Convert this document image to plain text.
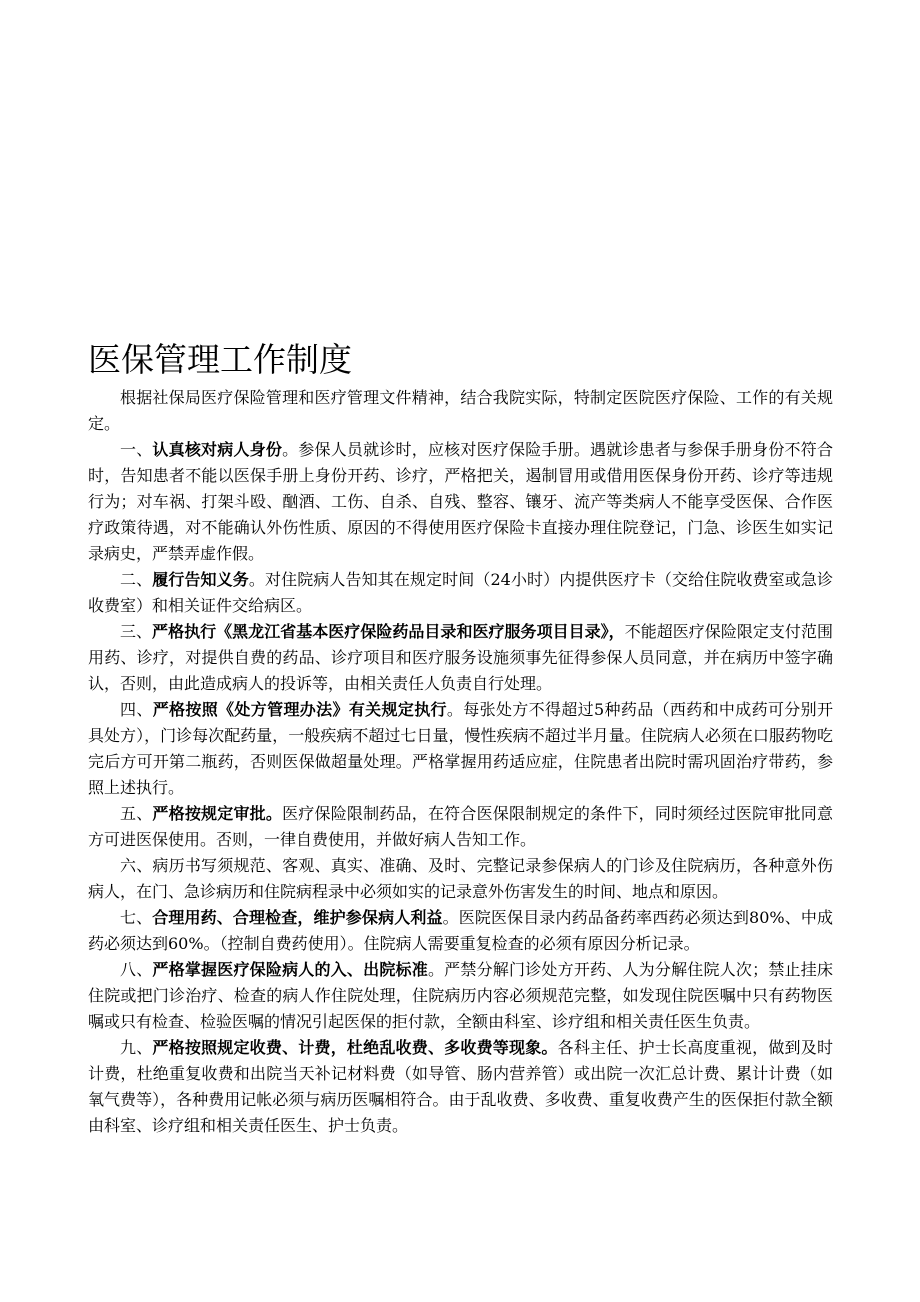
医保管理工作制度

根据社保局医疗保险管理和医疗管理文件精神，结合我院实际，特制定医院医疗保险、工作的有关规定。

一、认真核对病人身份。参保人员就诊时，应核对医疗保险手册。遇就诊患者与参保手册身份不符合时，告知患者不能以医保手册上身份开药、诊疗，严格把关，遏制冒用或借用医保身份开药、诊疗等违规行为；对车祸、打架斗殴、酗酒、工伤、自杀、自残、整容、镶牙、流产等类病人不能享受医保、合作医疗政策待遇，对不能确认外伤性质、原因的不得使用医疗保险卡直接办理住院登记，门急、诊医生如实记录病史，严禁弄虚作假。

二、履行告知义务。对住院病人告知其在规定时间（24小时）内提供医疗卡（交给住院收费室或急诊收费室）和相关证件交给病区。

三、严格执行《黑龙江省基本医疗保险药品目录和医疗服务项目目录》，不能超医疗保险限定支付范围用药、诊疗，对提供自费的药品、诊疗项目和医疗服务设施须事先征得参保人员同意，并在病历中签字确认，否则，由此造成病人的投诉等，由相关责任人负责自行处理。

四、严格按照《处方管理办法》有关规定执行。每张处方不得超过5种药品（西药和中成药可分别开具处方），门诊每次配药量，一般疾病不超过七日量，慢性疾病不超过半月量。住院病人必须在口服药物吃完后方可开第二瓶药，否则医保做超量处理。严格掌握用药适应症，住院患者出院时需巩固治疗带药，参照上述执行。

五、严格按规定审批。医疗保险限制药品，在符合医保限制规定的条件下，同时须经过医院审批同意方可进医保使用。否则，一律自费使用，并做好病人告知工作。

六、病历书写须规范、客观、真实、准确、及时、完整记录参保病人的门诊及住院病历，各种意外伤病人，在门、急诊病历和住院病程录中必须如实的记录意外伤害发生的时间、地点和原因。

七、合理用药、合理检查，维护参保病人利益。医院医保目录内药品备药率西药必须达到80%、中成药必须达到60%。（控制自费药使用）。住院病人需要重复检查的必须有原因分析记录。

八、严格掌握医疗保险病人的入、出院标准。严禁分解门诊处方开药、人为分解住院人次；禁止挂床住院或把门诊治疗、检查的病人作住院处理，住院病历内容必须规范完整，如发现住院医嘱中只有药物医嘱或只有检查、检验医嘱的情况引起医保的拒付款，全额由科室、诊疗组和相关责任医生负责。

九、严格按照规定收费、计费，杜绝乱收费、多收费等现象。各科主任、护士长高度重视，做到及时计费，杜绝重复收费和出院当天补记材料费（如导管、肠内营养管）或出院一次汇总计费、累计计费（如氧气费等），各种费用记帐必须与病历医嘱相符合。由于乱收费、多收费、重复收费产生的医保拒付款全额由科室、诊疗组和相关责任医生、护士负责。
